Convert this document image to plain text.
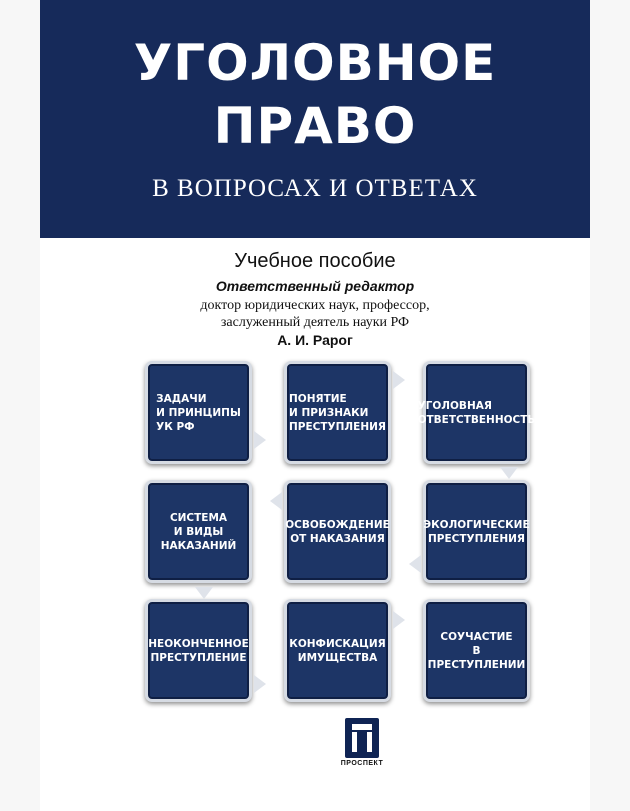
УГОЛОВНОЕ
ПРАВО
В ВОПРОСАХ И ОТВЕТАХ
Учебное пособие
Ответственный редактор
доктор юридических наук, профессор,
заслуженный деятель науки РФ
А. И. Рарог
ЗАДАЧИ
И ПРИНЦИПЫ
УК РФ
ПОНЯТИЕ
И ПРИЗНАКИ
ПРЕСТУПЛЕНИЯ
УГОЛОВНАЯ
ОТВЕТСТВЕННОСТЬ
СИСТЕМА
И ВИДЫ
НАКАЗАНИЙ
ОСВОБОЖДЕНИЕ
ОТ НАКАЗАНИЯ
ЭКОЛОГИЧЕСКИЕ
ПРЕСТУПЛЕНИЯ
НЕОКОНЧЕННОЕ
ПРЕСТУПЛЕНИЕ
КОНФИСКАЦИЯ
ИМУЩЕСТВА
СОУЧАСТИЕ
В ПРЕСТУПЛЕНИИ
ПРОСПЕКТ
